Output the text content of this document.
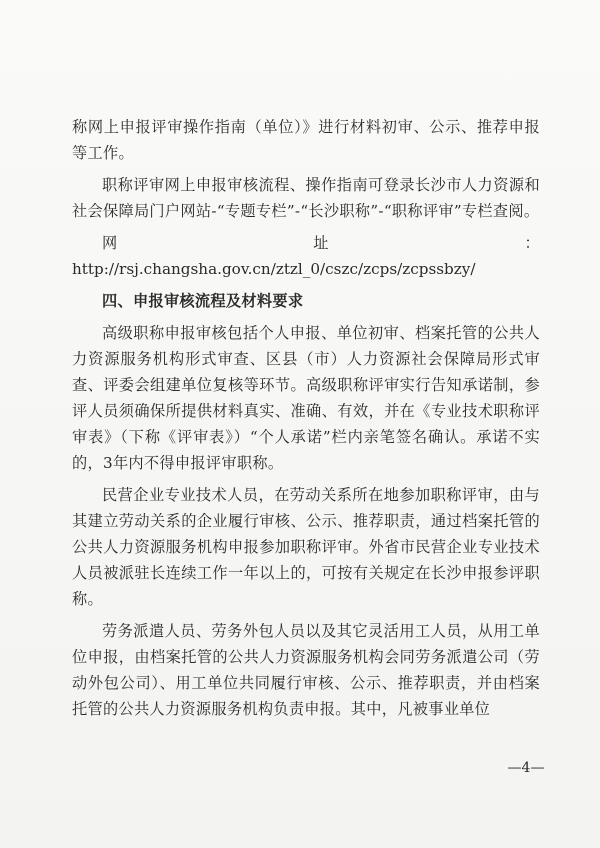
称网上申报评审操作指南（单位）》进行材料初审、公示、推荐申报等工作。

职称评审网上申报审核流程、操作指南可登录长沙市人力资源和社会保障局门户网站-“专题专栏”-“长沙职称”-“职称评审”专栏查阅。

网址：http://rsj.changsha.gov.cn/ztzl_0/cszc/zcps/zcpssbzy/

四、申报审核流程及材料要求

高级职称申报审核包括个人申报、单位初审、档案托管的公共人力资源服务机构形式审查、区县（市）人力资源社会保障局形式审查、评委会组建单位复核等环节。高级职称评审实行告知承诺制，参评人员须确保所提供材料真实、准确、有效，并在《专业技术职称评审表》（下称《评审表》）“个人承诺”栏内亲笔签名确认。承诺不实的，3年内不得申报评审职称。

民营企业专业技术人员，在劳动关系所在地参加职称评审，由与其建立劳动关系的企业履行审核、公示、推荐职责，通过档案托管的公共人力资源服务机构申报参加职称评审。外省市民营企业专业技术人员被派驻长连续工作一年以上的，可按有关规定在长沙申报参评职称。

劳务派遣人员、劳务外包人员以及其它灵活用工人员，从用工单位申报，由档案托管的公共人力资源服务机构会同劳务派遣公司（劳动外包公司）、用工单位共同履行审核、公示、推荐职责，并由档案托管的公共人力资源服务机构负责申报。其中，凡被事业单位

—4—
